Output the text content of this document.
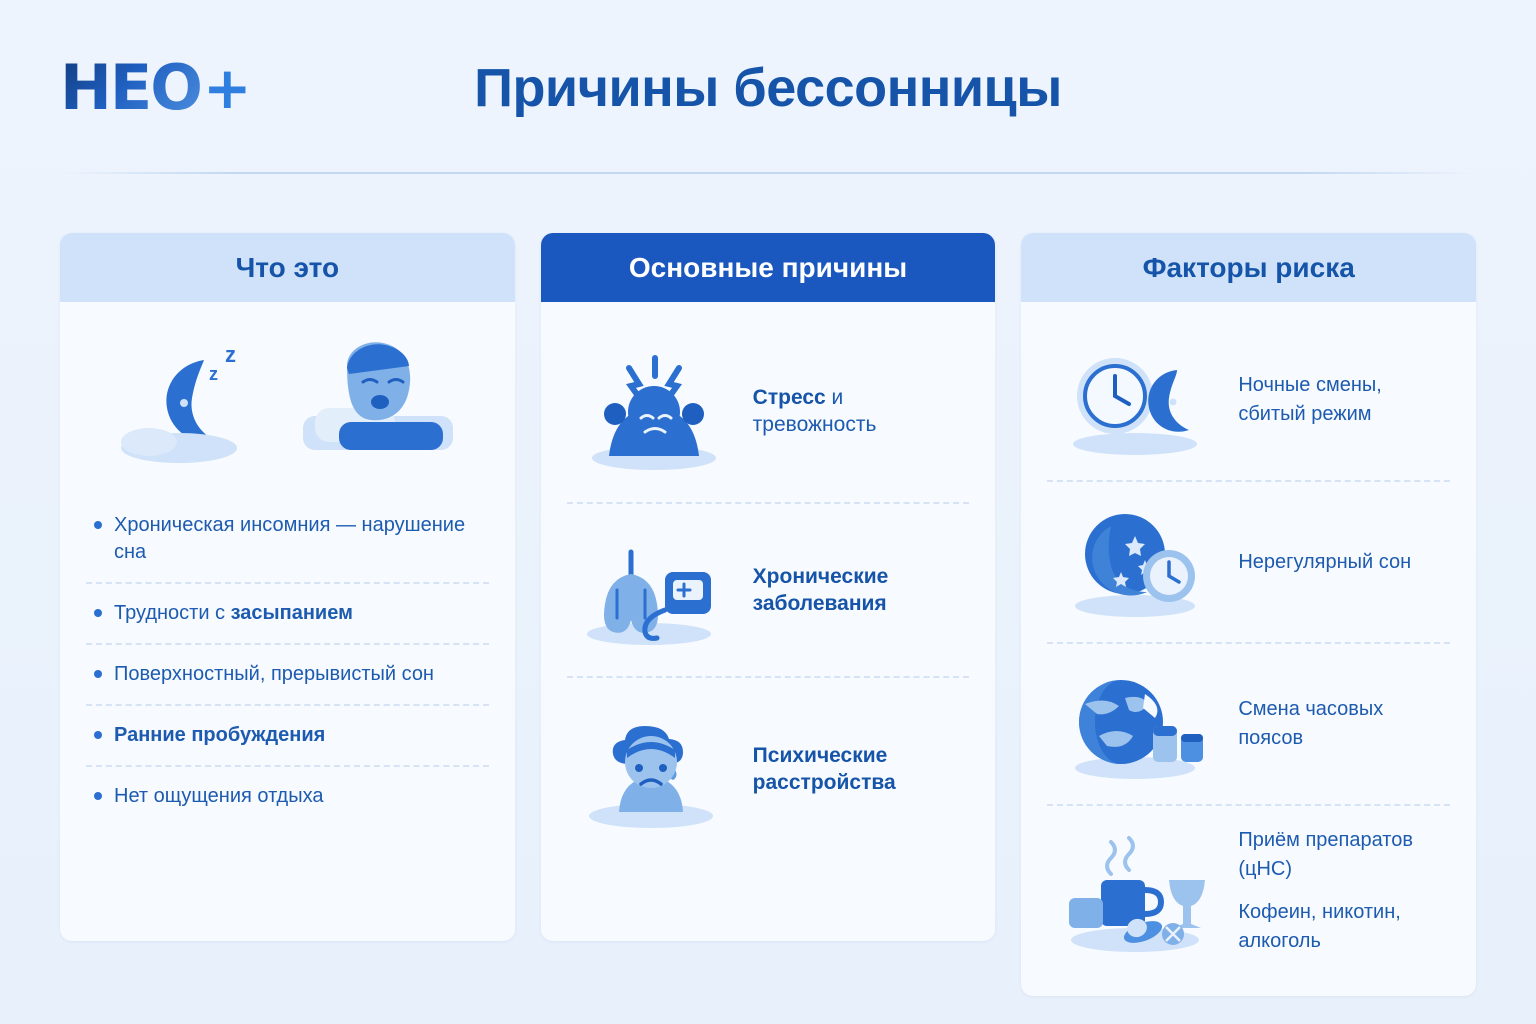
HEO +	Причины бессонницы
Что это
z
z
Хроническая инсомния — нарушение сна
Трудности с засыпанием
Поверхностный, прерывистый сон
Ранние пробуждения
Нет ощущения отдыха
Основные причины
Стресс и тревожность
Хронические заболевания
Психические расстройства
Факторы риска
Ночные смены,
сбитый режим
Нерегулярный сон
Смена часовых поясов
Приём препаратов (цНС)
Кофеин, никотин, алкоголь
